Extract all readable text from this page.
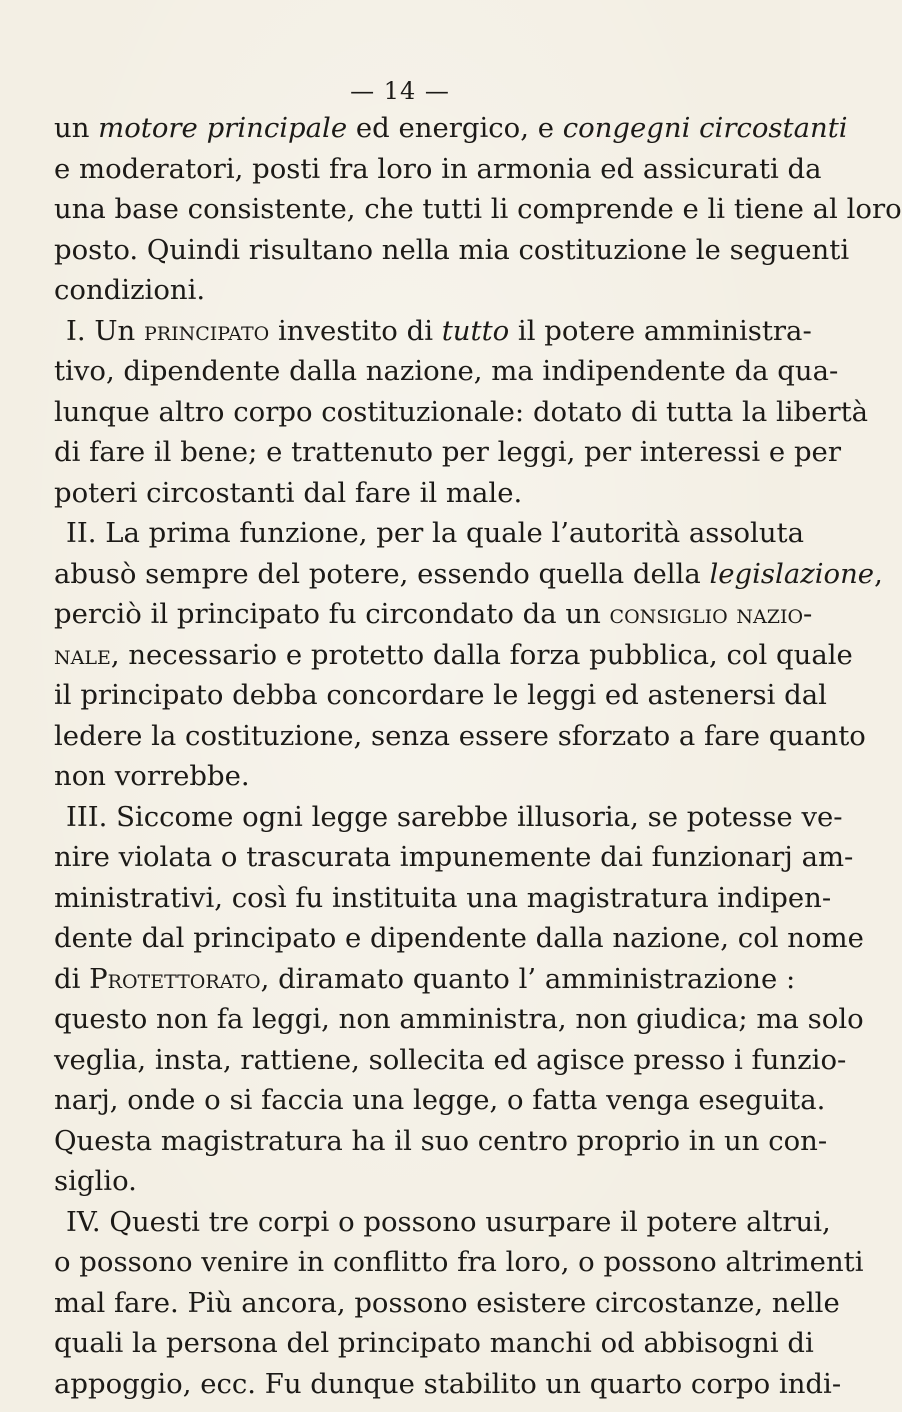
— 14 —
un motore principale ed energico, e congegni circostanti
e moderatori, posti fra loro in armonia ed assicurati da
una base consistente, che tutti li comprende e li tiene al loro
posto. Quindi risultano nella mia costituzione le seguenti
condizioni.
I. Un principato investito di tutto il potere amministra-
tivo, dipendente dalla nazione, ma indipendente da qua-
lunque altro corpo costituzionale: dotato di tutta la libertà
di fare il bene; e trattenuto per leggi, per interessi e per
poteri circostanti dal fare il male.
II. La prima funzione, per la quale l’autorità assoluta
abusò sempre del potere, essendo quella della legislazione,
perciò il principato fu circondato da un consiglio nazio-
nale, necessario e protetto dalla forza pubblica, col quale
il principato debba concordare le leggi ed astenersi dal
ledere la costituzione, senza essere sforzato a fare quanto
non vorrebbe.
III. Siccome ogni legge sarebbe illusoria, se potesse ve-
nire violata o trascurata impunemente dai funzionarj am-
ministrativi, così fu instituita una magistratura indipen-
dente dal principato e dipendente dalla nazione, col nome
di Protettorato, diramato quanto l’ amministrazione :
questo non fa leggi, non amministra, non giudica; ma solo
veglia, insta, rattiene, sollecita ed agisce presso i funzio-
narj, onde o si faccia una legge, o fatta venga eseguita.
Questa magistratura ha il suo centro proprio in un con-
siglio.
IV. Questi tre corpi o possono usurpare il potere altrui,
o possono venire in conflitto fra loro, o possono altrimenti
mal fare. Più ancora, possono esistere circostanze, nelle
quali la persona del principato manchi od abbisogni di
appoggio, ecc. Fu dunque stabilito un quarto corpo indi-
